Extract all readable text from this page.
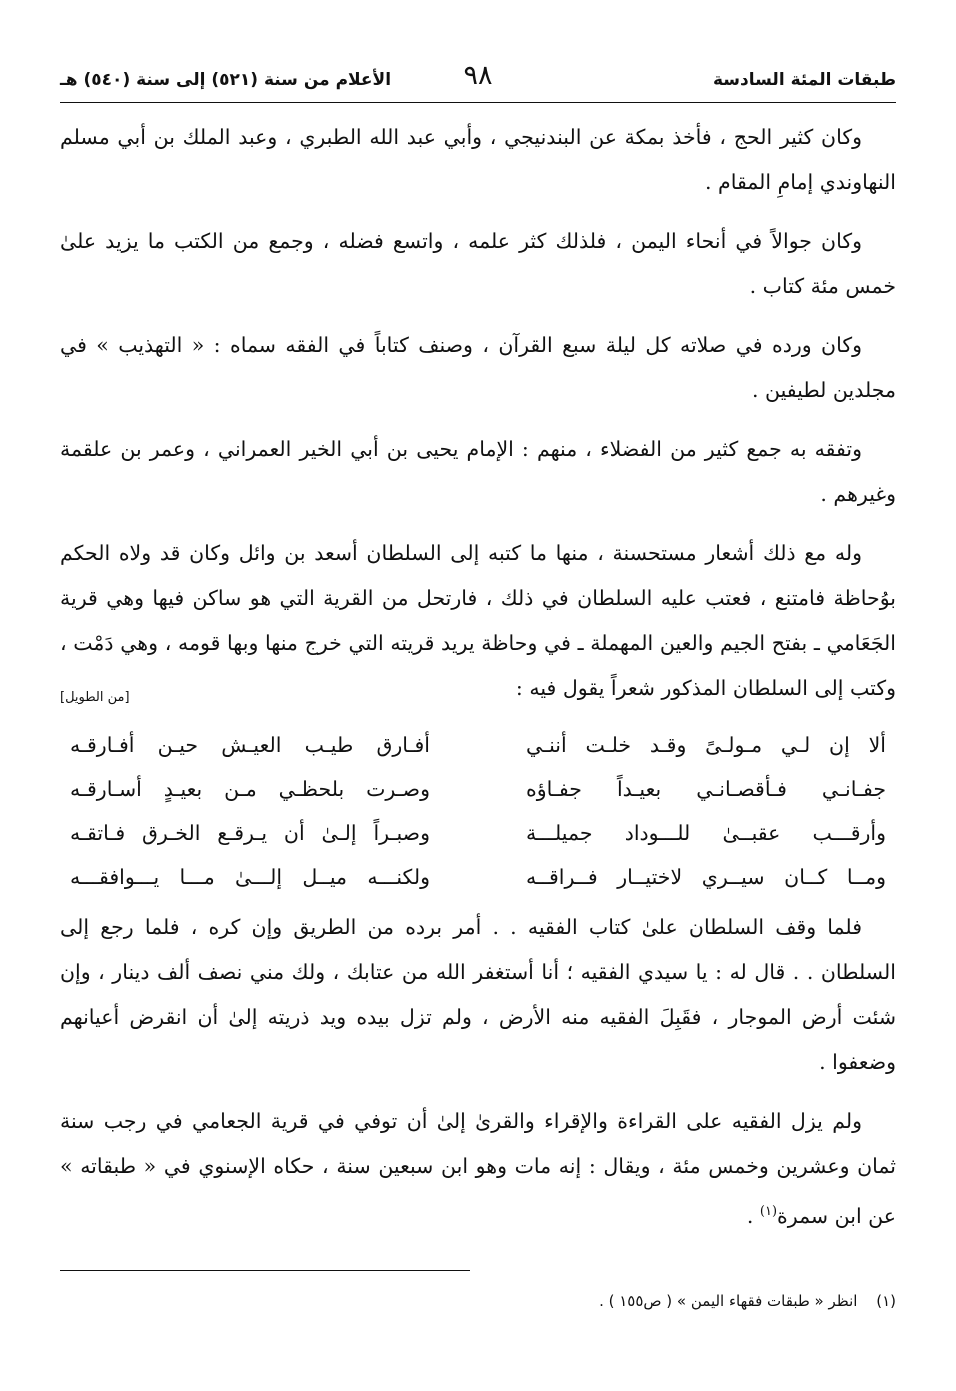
طبقات المئة السادسة
٩٨
الأعلام من سنة (٥٢١) إلى سنة (٥٤٠) هـ

وكان كثير الحج ، فأخذ بمكة عن البندنيجي ، وأبي عبد الله الطبري ، وعبد الملك بن أبي مسلم النهاوندي إمامِ المقام .

وكان جوالاً في أنحاء اليمن ، فلذلك كثر علمه ، واتسع فضله ، وجمع من الكتب ما يزيد علىٰ خمس مئة كتاب .

وكان ورده في صلاته كل ليلة سبع القرآن ، وصنف كتاباً في الفقه سماه : « التهذيب » في مجلدين لطيفين .

وتفقه به جمع كثير من الفضلاء ، منهم : الإمام يحيى بن أبي الخير العمراني ، وعمر بن علقمة وغيرهم .

وله مع ذلك أشعار مستحسنة ، منها ما كتبه إلى السلطان أسعد بن وائل وكان قد ولاه الحكم بوُحاظة فامتنع ، فعتب عليه السلطان في ذلك ، فارتحل من القرية التي هو ساكن فيها وهي قرية الجَعَامي ـ بفتح الجيم والعين المهملة ـ في وحاظة يريد قريته التي خرج منها وبها قومه ، وهي دَمْت ، وكتب إلى السلطان المذكور شعراً يقول فيه :

[من الطويل]
ألا إن لـي مـولـىً وقـد خلـت أننـي
أفـارق طيـب العيـش حيـن أفـارقـه
جفـانـي فـأقصـانـي بعيـداً جفـاؤه
وصـرت بلحظـي مـن بعيـدٍ أسـارقـه
وأرقـــب عقبــىٰ للـــوداد جميلـــة
وصبـراً إلـىٰ أن يـرقـع الخـرق فـاتقـه
ومــا كــان سيــري لاختيــار فــراقــه
ولكنـــه ميــل إلـــىٰ مـــا يـــوافقـــه

فلما وقف السلطان علىٰ كتاب الفقيه . . أمر برده من الطريق وإن كره ، فلما رجع إلى السلطان . . قال له : يا سيدي الفقيه ؛ أنا أستغفر الله من عتابك ، ولك مني نصف ألف دينار ، وإن شئت أرض الموجار ، فقَبِلَ الفقيه منه الأرض ، ولم تزل بيده ويد ذريته إلىٰ أن انقرض أعيانهم وضعفوا .

ولم يزل الفقيه على القراءة والإقراء والقرىٰ إلىٰ أن توفي في قرية الجعامي في رجب سنة ثمان وعشرين وخمس مئة ، ويقال : إنه مات وهو ابن سبعين سنة ، حكاه الإسنوي في « طبقاته » عن ابن سمرة$^{(١)}$ .

(١) انظر « طبقات فقهاء اليمن » ( ص١٥٥ ) .
